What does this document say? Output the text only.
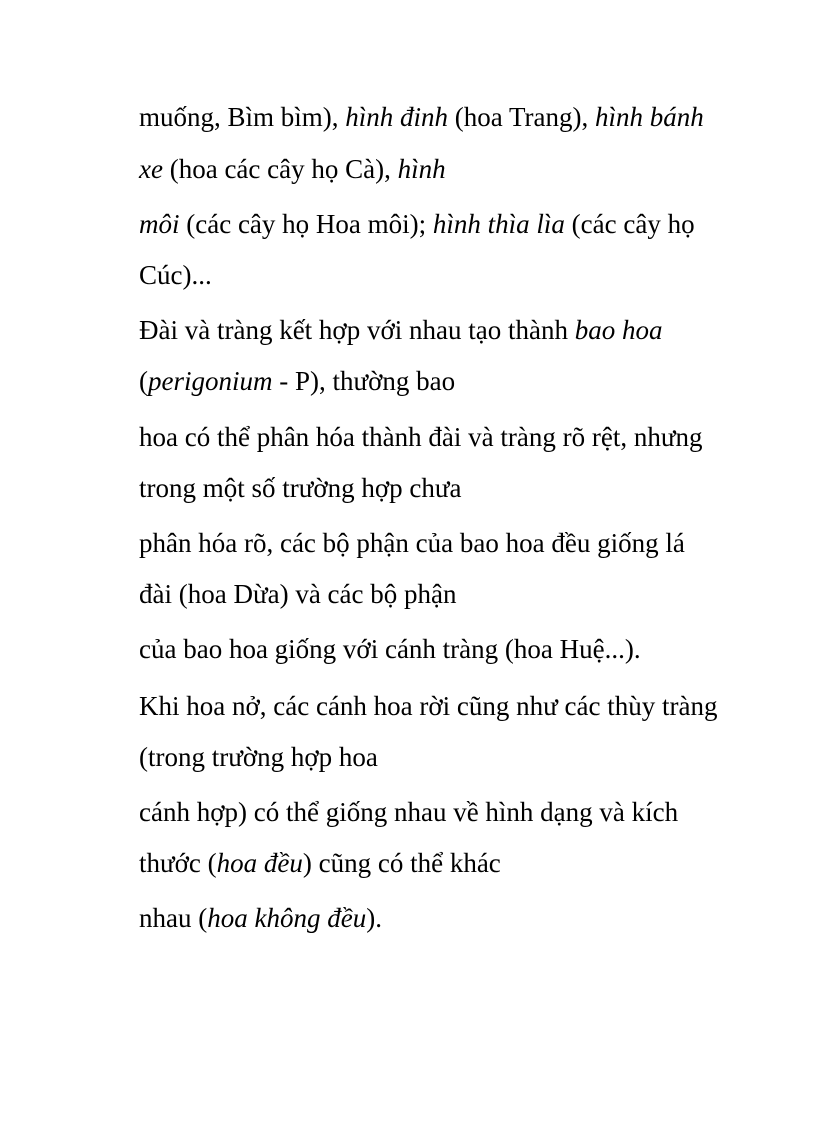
muống, Bìm bìm), hình đinh (hoa Trang), hình bánh

xe (hoa các cây họ Cà), hình

môi (các cây họ Hoa môi); hình thìa lìa (các cây họ

Cúc)...

Đài và tràng kết hợp với nhau tạo thành bao hoa

(perigonium - P), thường bao

hoa có thể phân hóa thành đài và tràng rõ rệt, nhưng

trong một số trường hợp chưa

phân hóa rõ, các bộ phận của bao hoa đều giống lá

đài (hoa Dừa) và các bộ phận

của bao hoa giống với cánh tràng (hoa Huệ...).

Khi hoa nở, các cánh hoa rời cũng như các thùy tràng

(trong trường hợp hoa

cánh hợp) có thể giống nhau về hình dạng và kích

thước (hoa đều) cũng có thể khác

nhau (hoa không đều).
